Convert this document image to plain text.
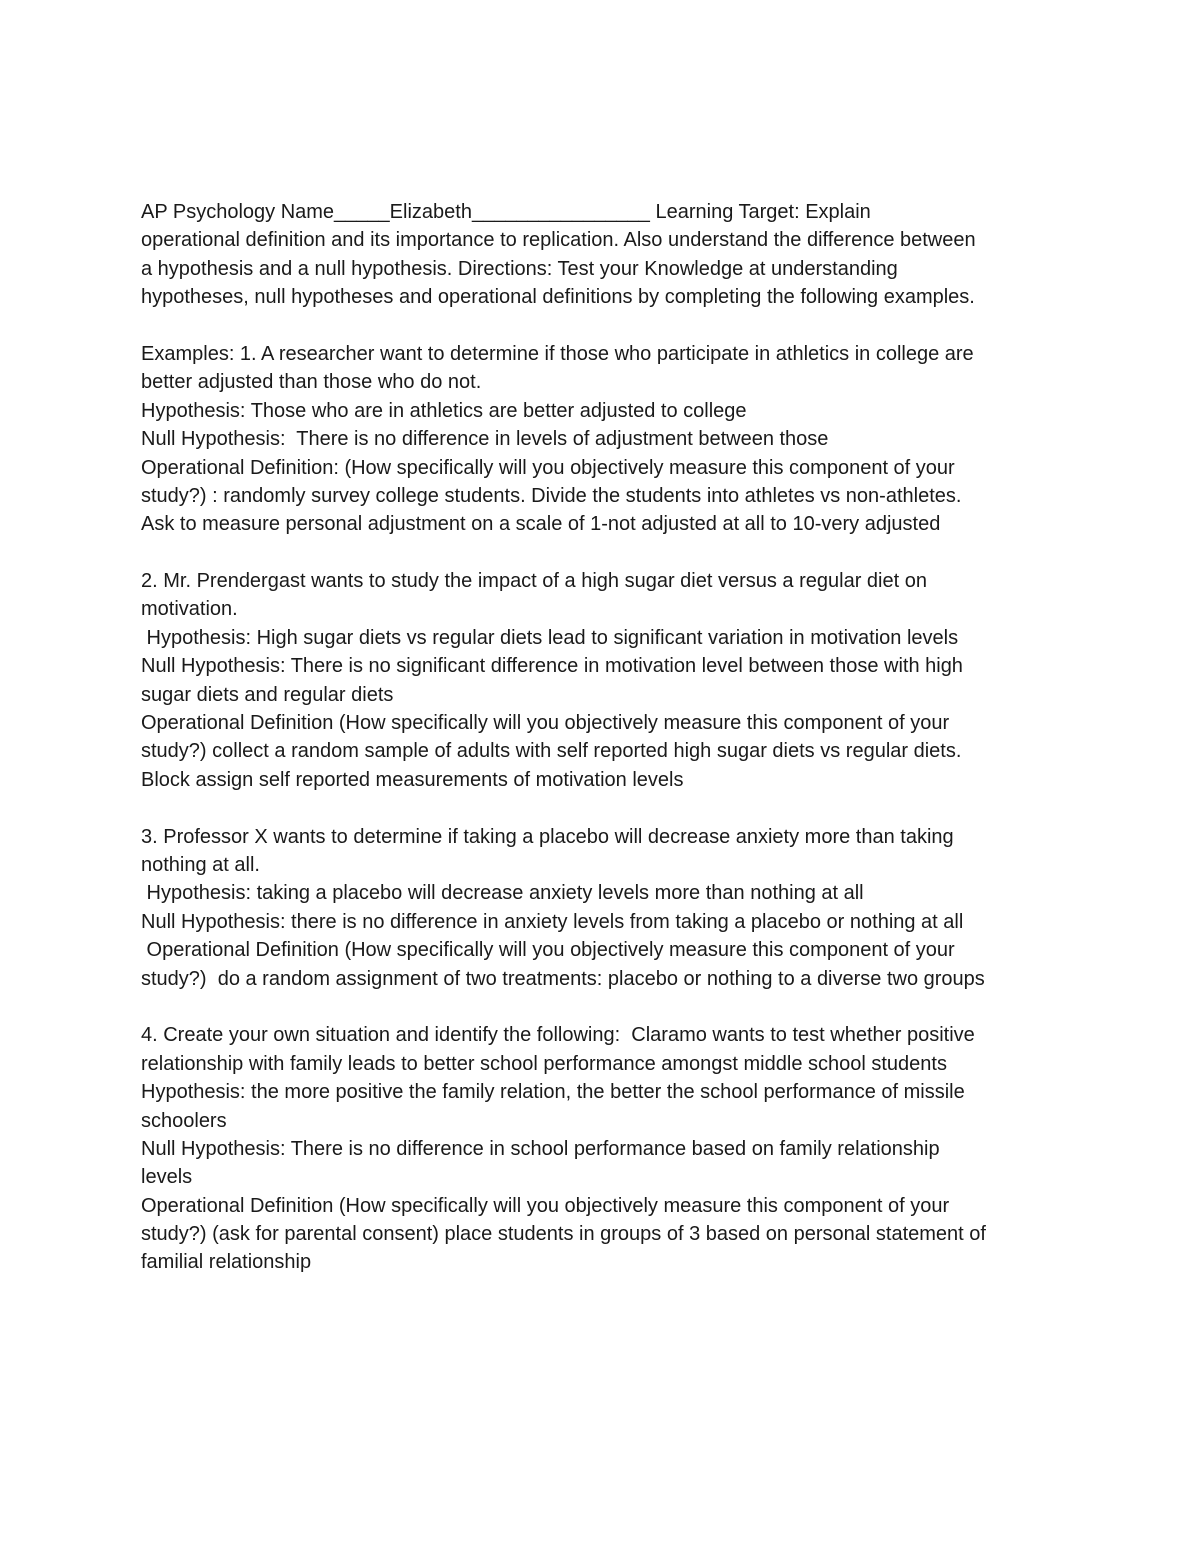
AP Psychology Name_____Elizabeth________________ Learning Target: Explain
operational definition and its importance to replication. Also understand the difference between
a hypothesis and a null hypothesis. Directions: Test your Knowledge at understanding
hypotheses, null hypotheses and operational definitions by completing the following examples.
Examples: 1. A researcher want to determine if those who participate in athletics in college are
better adjusted than those who do not.
Hypothesis: Those who are in athletics are better adjusted to college
Null Hypothesis:  There is no difference in levels of adjustment between those
Operational Definition: (How specifically will you objectively measure this component of your
study?) : randomly survey college students. Divide the students into athletes vs non-athletes.
Ask to measure personal adjustment on a scale of 1-not adjusted at all to 10-very adjusted
2. Mr. Prendergast wants to study the impact of a high sugar diet versus a regular diet on
motivation.
Hypothesis: High sugar diets vs regular diets lead to significant variation in motivation levels
Null Hypothesis: There is no significant difference in motivation level between those with high
sugar diets and regular diets
Operational Definition (How specifically will you objectively measure this component of your
study?) collect a random sample of adults with self reported high sugar diets vs regular diets.
Block assign self reported measurements of motivation levels
3. Professor X wants to determine if taking a placebo will decrease anxiety more than taking
nothing at all.
Hypothesis: taking a placebo will decrease anxiety levels more than nothing at all
Null Hypothesis: there is no difference in anxiety levels from taking a placebo or nothing at all
Operational Definition (How specifically will you objectively measure this component of your
study?)  do a random assignment of two treatments: placebo or nothing to a diverse two groups
4. Create your own situation and identify the following:  Claramo wants to test whether positive
relationship with family leads to better school performance amongst middle school students
Hypothesis: the more positive the family relation, the better the school performance of missile
schoolers
Null Hypothesis: There is no difference in school performance based on family relationship
levels
Operational Definition (How specifically will you objectively measure this component of your
study?) (ask for parental consent) place students in groups of 3 based on personal statement of
familial relationship
